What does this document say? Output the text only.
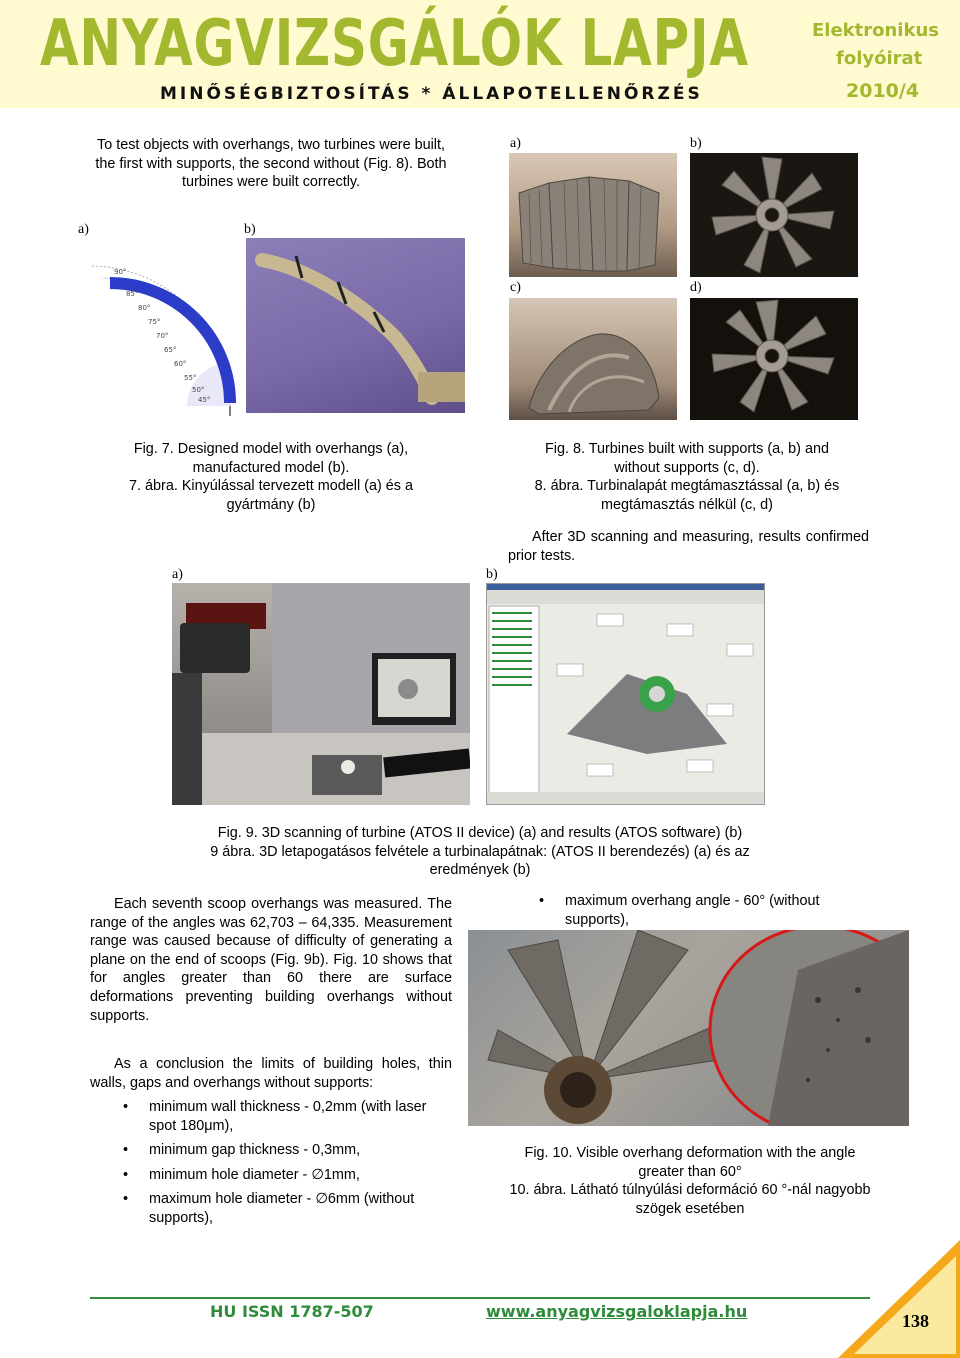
ANYAGVIZSGÁLÓK LAPJA
MINŐSÉGBIZTOSÍTÁS * ÁLLAPOTELLENŐRZÉS
Elektronikus
folyóirat
2010/4
To test objects with overhangs, two turbines were built, the first with supports, the second without (Fig. 8). Both turbines were built correctly.
a)	b)
90°
85°
80°
75°
70°
65°
60°
55°
50°
45°
Fig. 7. Designed model with overhangs (a),
manufactured model (b).
7. ábra. Kinyúlással tervezett modell (a) és a
gyártmány (b)
a)	b)
c)	d)
Fig. 8. Turbines built with supports (a, b) and
without supports (c, d).
8. ábra. Turbinalapát megtámasztással (a, b) és
megtámasztás nélkül (c, d)
After 3D scanning and measuring, results confirmed prior tests.
a)	b)
Fig. 9. 3D scanning of turbine (ATOS II device) (a) and results (ATOS software) (b)
9 ábra. 3D letapogatásos felvétele a turbinalapátnak: (ATOS II berendezés) (a) és az
eredmények (b)
Each seventh scoop overhangs was measured. The range of the angles was 62,703 – 64,335. Measurement range was caused because of difficulty of generating a plane on the end of scoops (Fig. 9b). Fig. 10 shows that for angles greater than 60 there are surface deformations preventing building overhangs without supports.
As a conclusion the limits of building holes, thin walls, gaps and overhangs without supports:
• minimum wall thickness - 0,2mm (with laser spot 180μm),
• minimum gap thickness - 0,3mm,
• minimum hole diameter - ∅1mm,
• maximum hole diameter - ∅6mm (without supports),
• maximum overhang angle - 60° (without supports),
Fig. 10. Visible overhang deformation with the angle
greater than 60°
10. ábra. Látható túlnyúlási deformáció 60 °-nál nagyobb
szögek esetében
HU ISSN 1787-507	www.anyagvizsgaloklapja.hu	138
